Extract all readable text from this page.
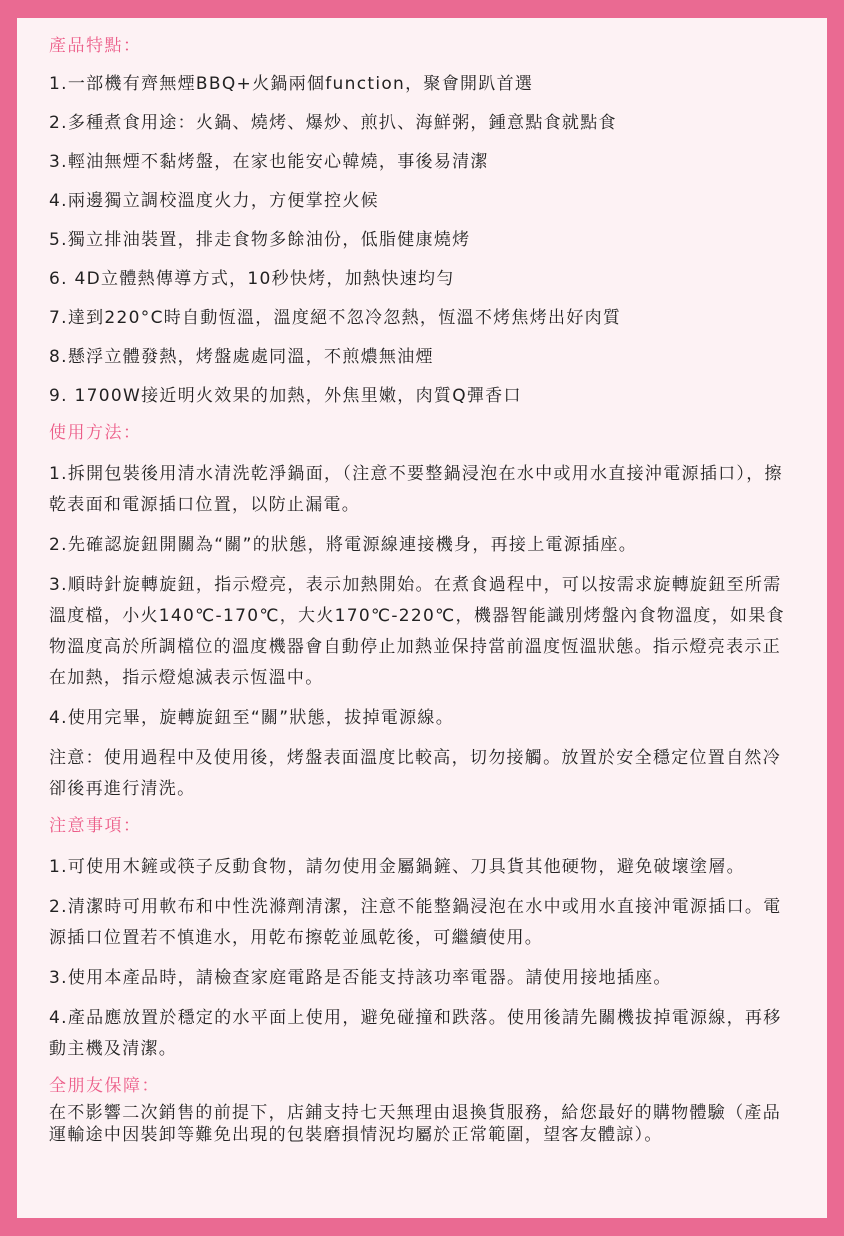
產品特點：
1.一部機有齊無煙BBQ+火鍋兩個function，聚會開趴首選
2.多種煮食用途：火鍋、燒烤、爆炒、煎扒、海鮮粥，鍾意點食就點食
3.輕油無煙不黏烤盤，在家也能安心韓燒，事後易清潔
4.兩邊獨立調校溫度火力，方便掌控火候
5.獨立排油裝置，排走食物多餘油份，低脂健康燒烤
6. 4D立體熱傳導方式，10秒快烤，加熱快速均勻
7.達到220°C時自動恆溫，溫度絕不忽冷忽熱，恆溫不烤焦烤出好肉質
8.懸浮立體發熱，烤盤處處同溫，不煎燶無油煙
9. 1700W接近明火效果的加熱，外焦里嫩，肉質Q彈香口
使用方法：
1.拆開包裝後用清水清洗乾淨鍋面，（注意不要整鍋浸泡在水中或用水直接沖電源插口），擦乾表面和電源插口位置，以防止漏電。
2.先確認旋鈕開關為“關”的狀態，將電源線連接機身，再接上電源插座。
3.順時針旋轉旋鈕，指示燈亮，表示加熱開始。在煮食過程中，可以按需求旋轉旋鈕至所需溫度檔，小火140℃-170℃，大火170℃-220℃，機器智能識別烤盤內食物溫度，如果食物溫度高於所調檔位的溫度機器會自動停止加熱並保持當前溫度恆溫狀態。指示燈亮表示正在加熱，指示燈熄滅表示恆溫中。
4.使用完畢，旋轉旋鈕至“關”狀態，拔掉電源線。
注意：使用過程中及使用後，烤盤表面溫度比較高，切勿接觸。放置於安全穩定位置自然冷卻後再進行清洗。
注意事項：
1.可使用木鏟或筷子反動食物，請勿使用金屬鍋鏟、刀具貨其他硬物，避免破壞塗層。
2.清潔時可用軟布和中性洗滌劑清潔，注意不能整鍋浸泡在水中或用水直接沖電源插口。電源插口位置若不慎進水，用乾布擦乾並風乾後，可繼續使用。
3.使用本產品時，請檢查家庭電路是否能支持該功率電器。請使用接地插座。
4.產品應放置於穩定的水平面上使用，避免碰撞和跌落。使用後請先關機拔掉電源線，再移動主機及清潔。
全朋友保障：
在不影響二次銷售的前提下，店鋪支持七天無理由退換貨服務，給您最好的購物體驗（產品運輸途中因裝卸等難免出現的包裝磨損情況均屬於正常範圍，望客友體諒）。
